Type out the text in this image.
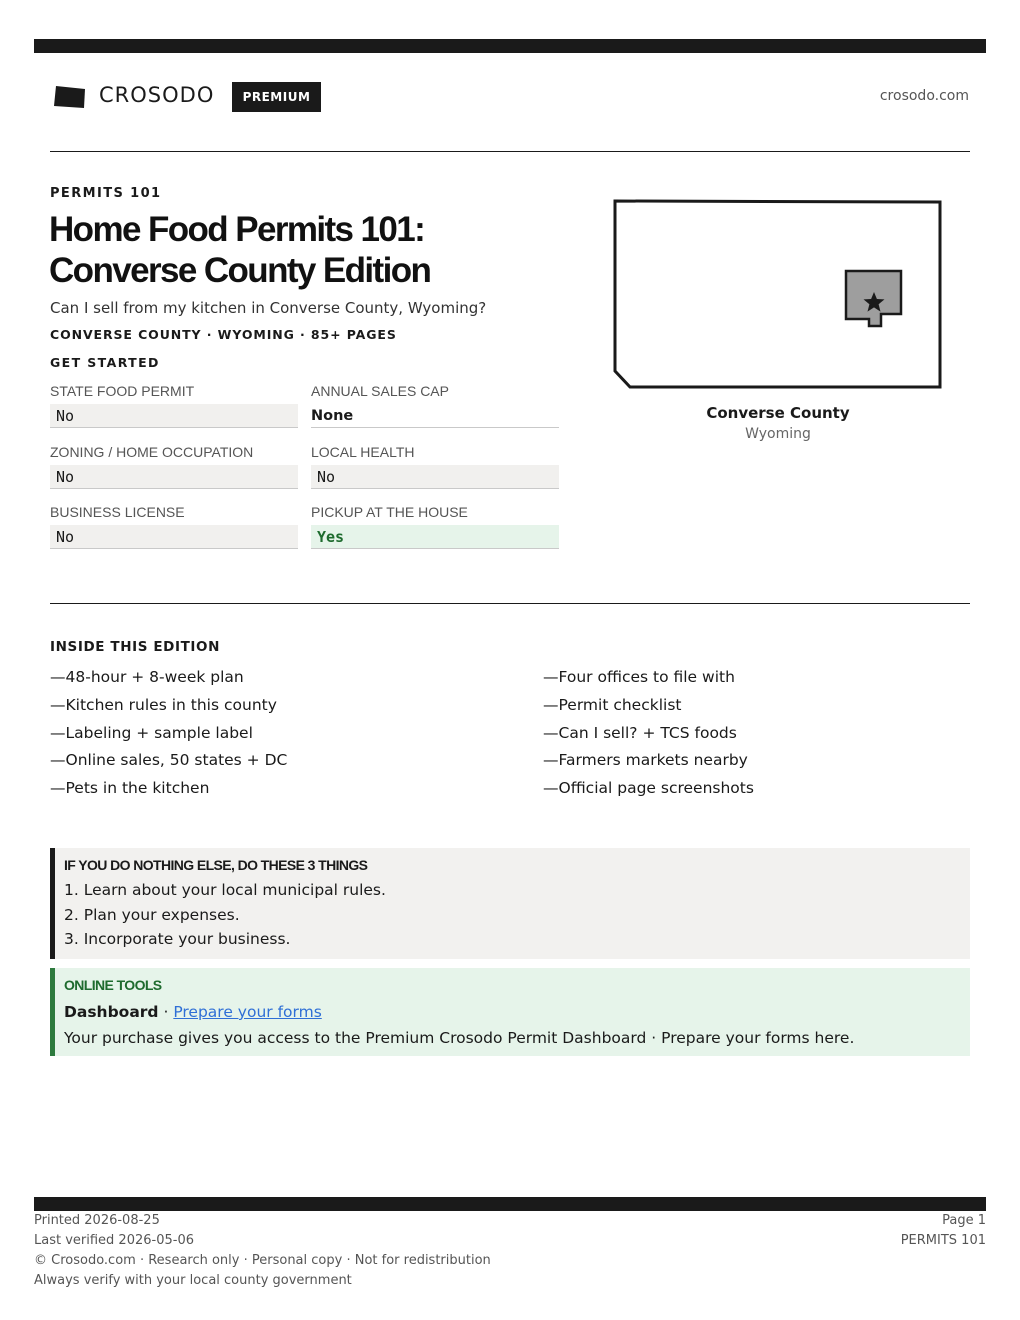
CROSODO	PREMIUM	crosodo.com
PERMITS 101
Home Food Permits 101:
Converse County Edition
Can I sell from my kitchen in Converse County, Wyoming?
CONVERSE COUNTY · WYOMING · 85+ PAGES
GET STARTED
STATE FOOD PERMIT
No
ANNUAL SALES CAP
None
ZONING / HOME OCCUPATION
No
LOCAL HEALTH
No
BUSINESS LICENSE
No
PICKUP AT THE HOUSE
Yes
Converse County
Wyoming
INSIDE THIS EDITION
— 48-hour + 8-week plan
— Kitchen rules in this county
— Labeling + sample label
— Online sales, 50 states + DC
— Pets in the kitchen
— Four offices to file with
— Permit checklist
— Can I sell? + TCS foods
— Farmers markets nearby
— Official page screenshots
IF YOU DO NOTHING ELSE, DO THESE 3 THINGS
1. Learn about your local municipal rules.
2. Plan your expenses.
3. Incorporate your business.
ONLINE TOOLS
Dashboard · Prepare your forms
Your purchase gives you access to the Premium Crosodo Permit Dashboard · Prepare your forms here.
Printed 2026-08-25
Last verified 2026-05-06
© Crosodo.com · Research only · Personal copy · Not for redistribution
Always verify with your local county government
Page 1
PERMITS 101
